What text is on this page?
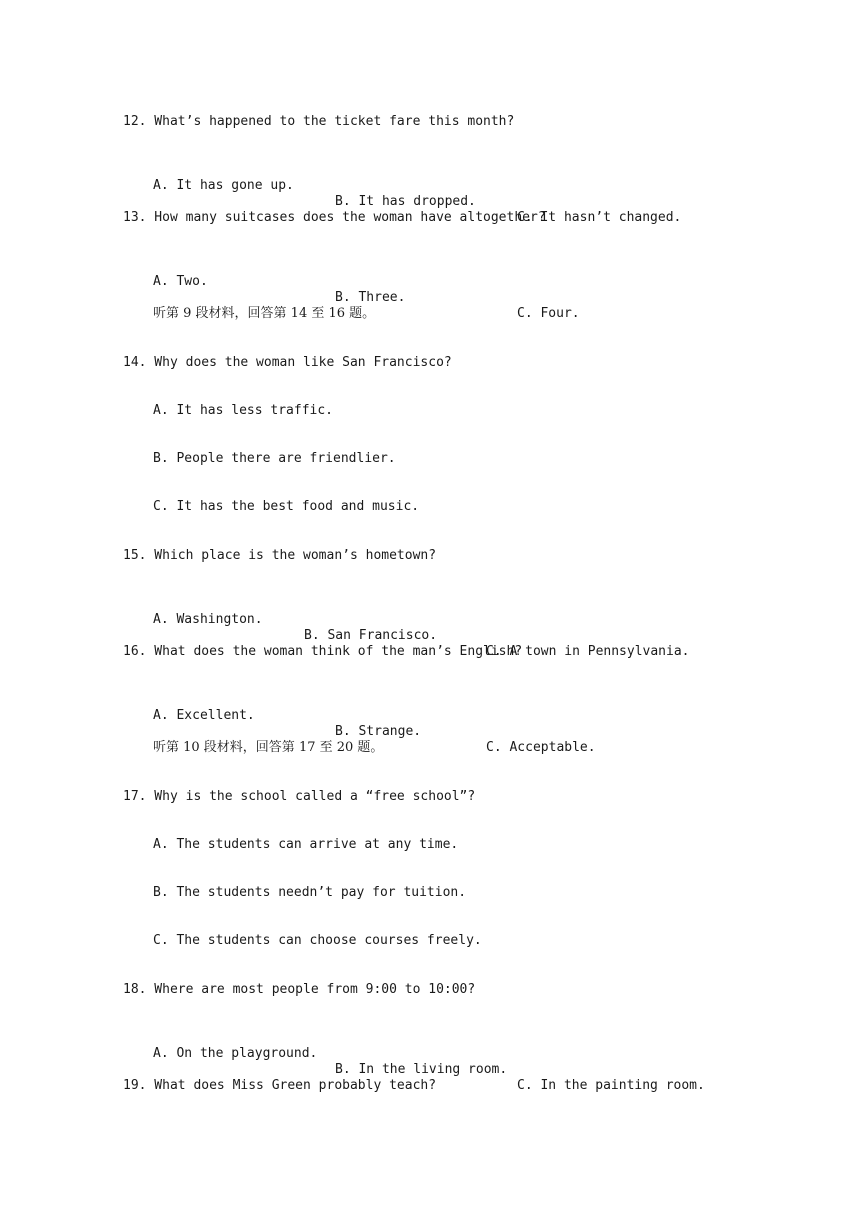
12. What’s happened to the ticket fare this month?

A. It has gone up.

B. It has dropped.

C. It hasn’t changed.

13. How many suitcases does the woman have altogether?

A. Two.

B. Three.

C. Four.

听第 9 段材料，回答第 14 至 16 题。
14. Why does the woman like San Francisco?
A. It has less traffic.
B. People there are friendlier.
C. It has the best food and music.
15. Which place is the woman’s hometown?

A. Washington.

B. San Francisco.

C. A town in Pennsylvania.

16. What does the woman think of the man’s English?

A. Excellent.

B. Strange.

C. Acceptable.

听第 10 段材料，回答第 17 至 20 题。
17. Why is the school called a “free school”?
A. The students can arrive at any time.
B. The students needn’t pay for tuition.
C. The students can choose courses freely.
18. Where are most people from 9:00 to 10:00?

A. On the playground.

B. In the living room.

C. In the painting room.

19. What does Miss Green probably teach?
